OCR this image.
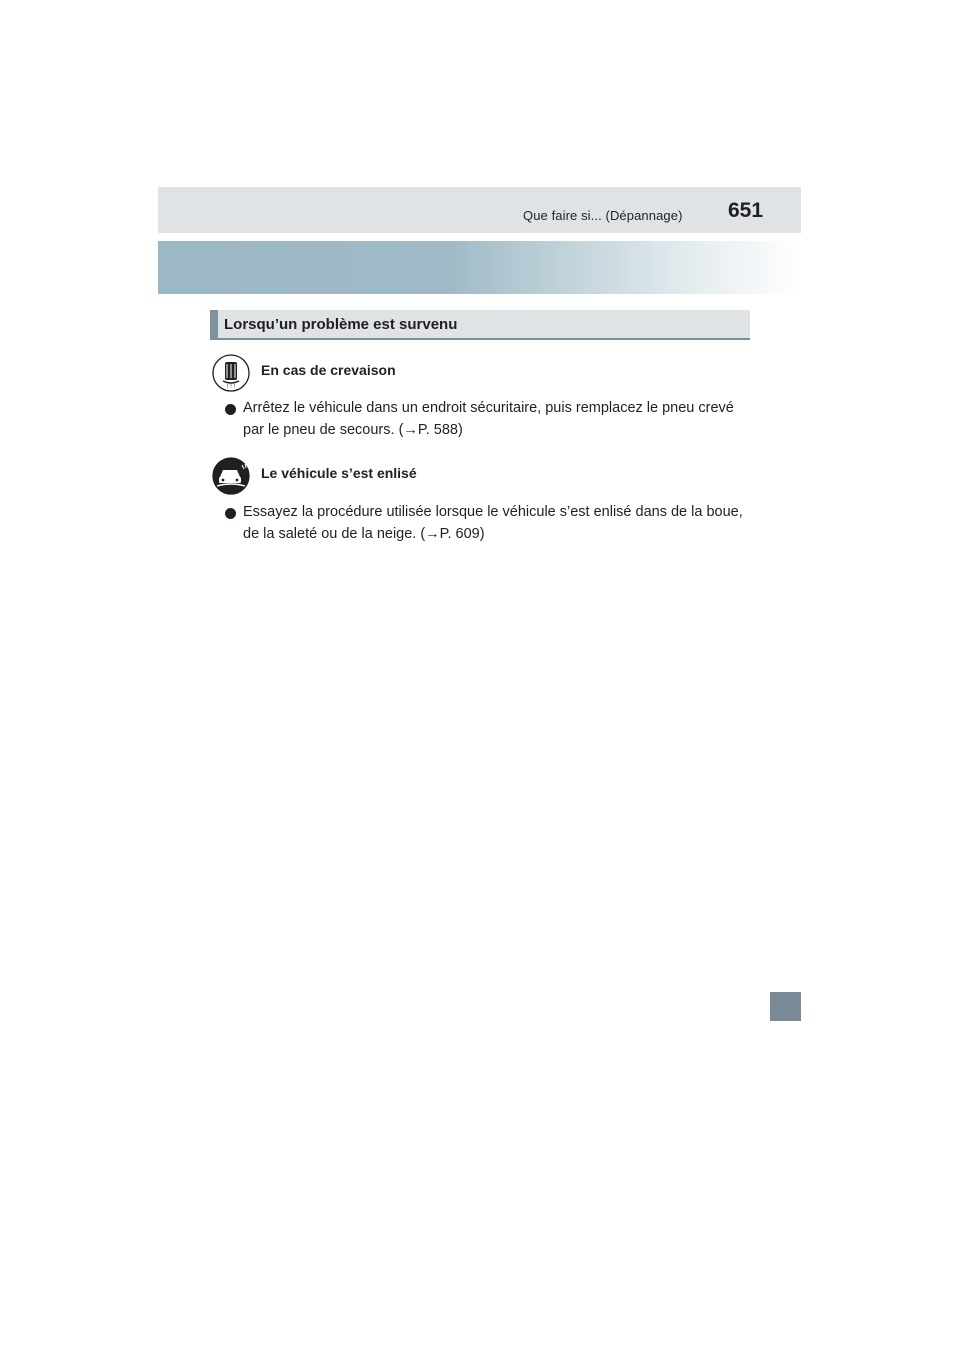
Que faire si... (Dépannage)	651
Lorsqu’un problème est survenu
! ! !
En cas de crevaison
Arrêtez le véhicule dans un endroit sécuritaire, puis remplacez le pneu crevé
par le pneu de secours. (→P. 588)
Le véhicule s’est enlisé
Essayez la procédure utilisée lorsque le véhicule s’est enlisé dans de la boue,
de la saleté ou de la neige. (→P. 609)
